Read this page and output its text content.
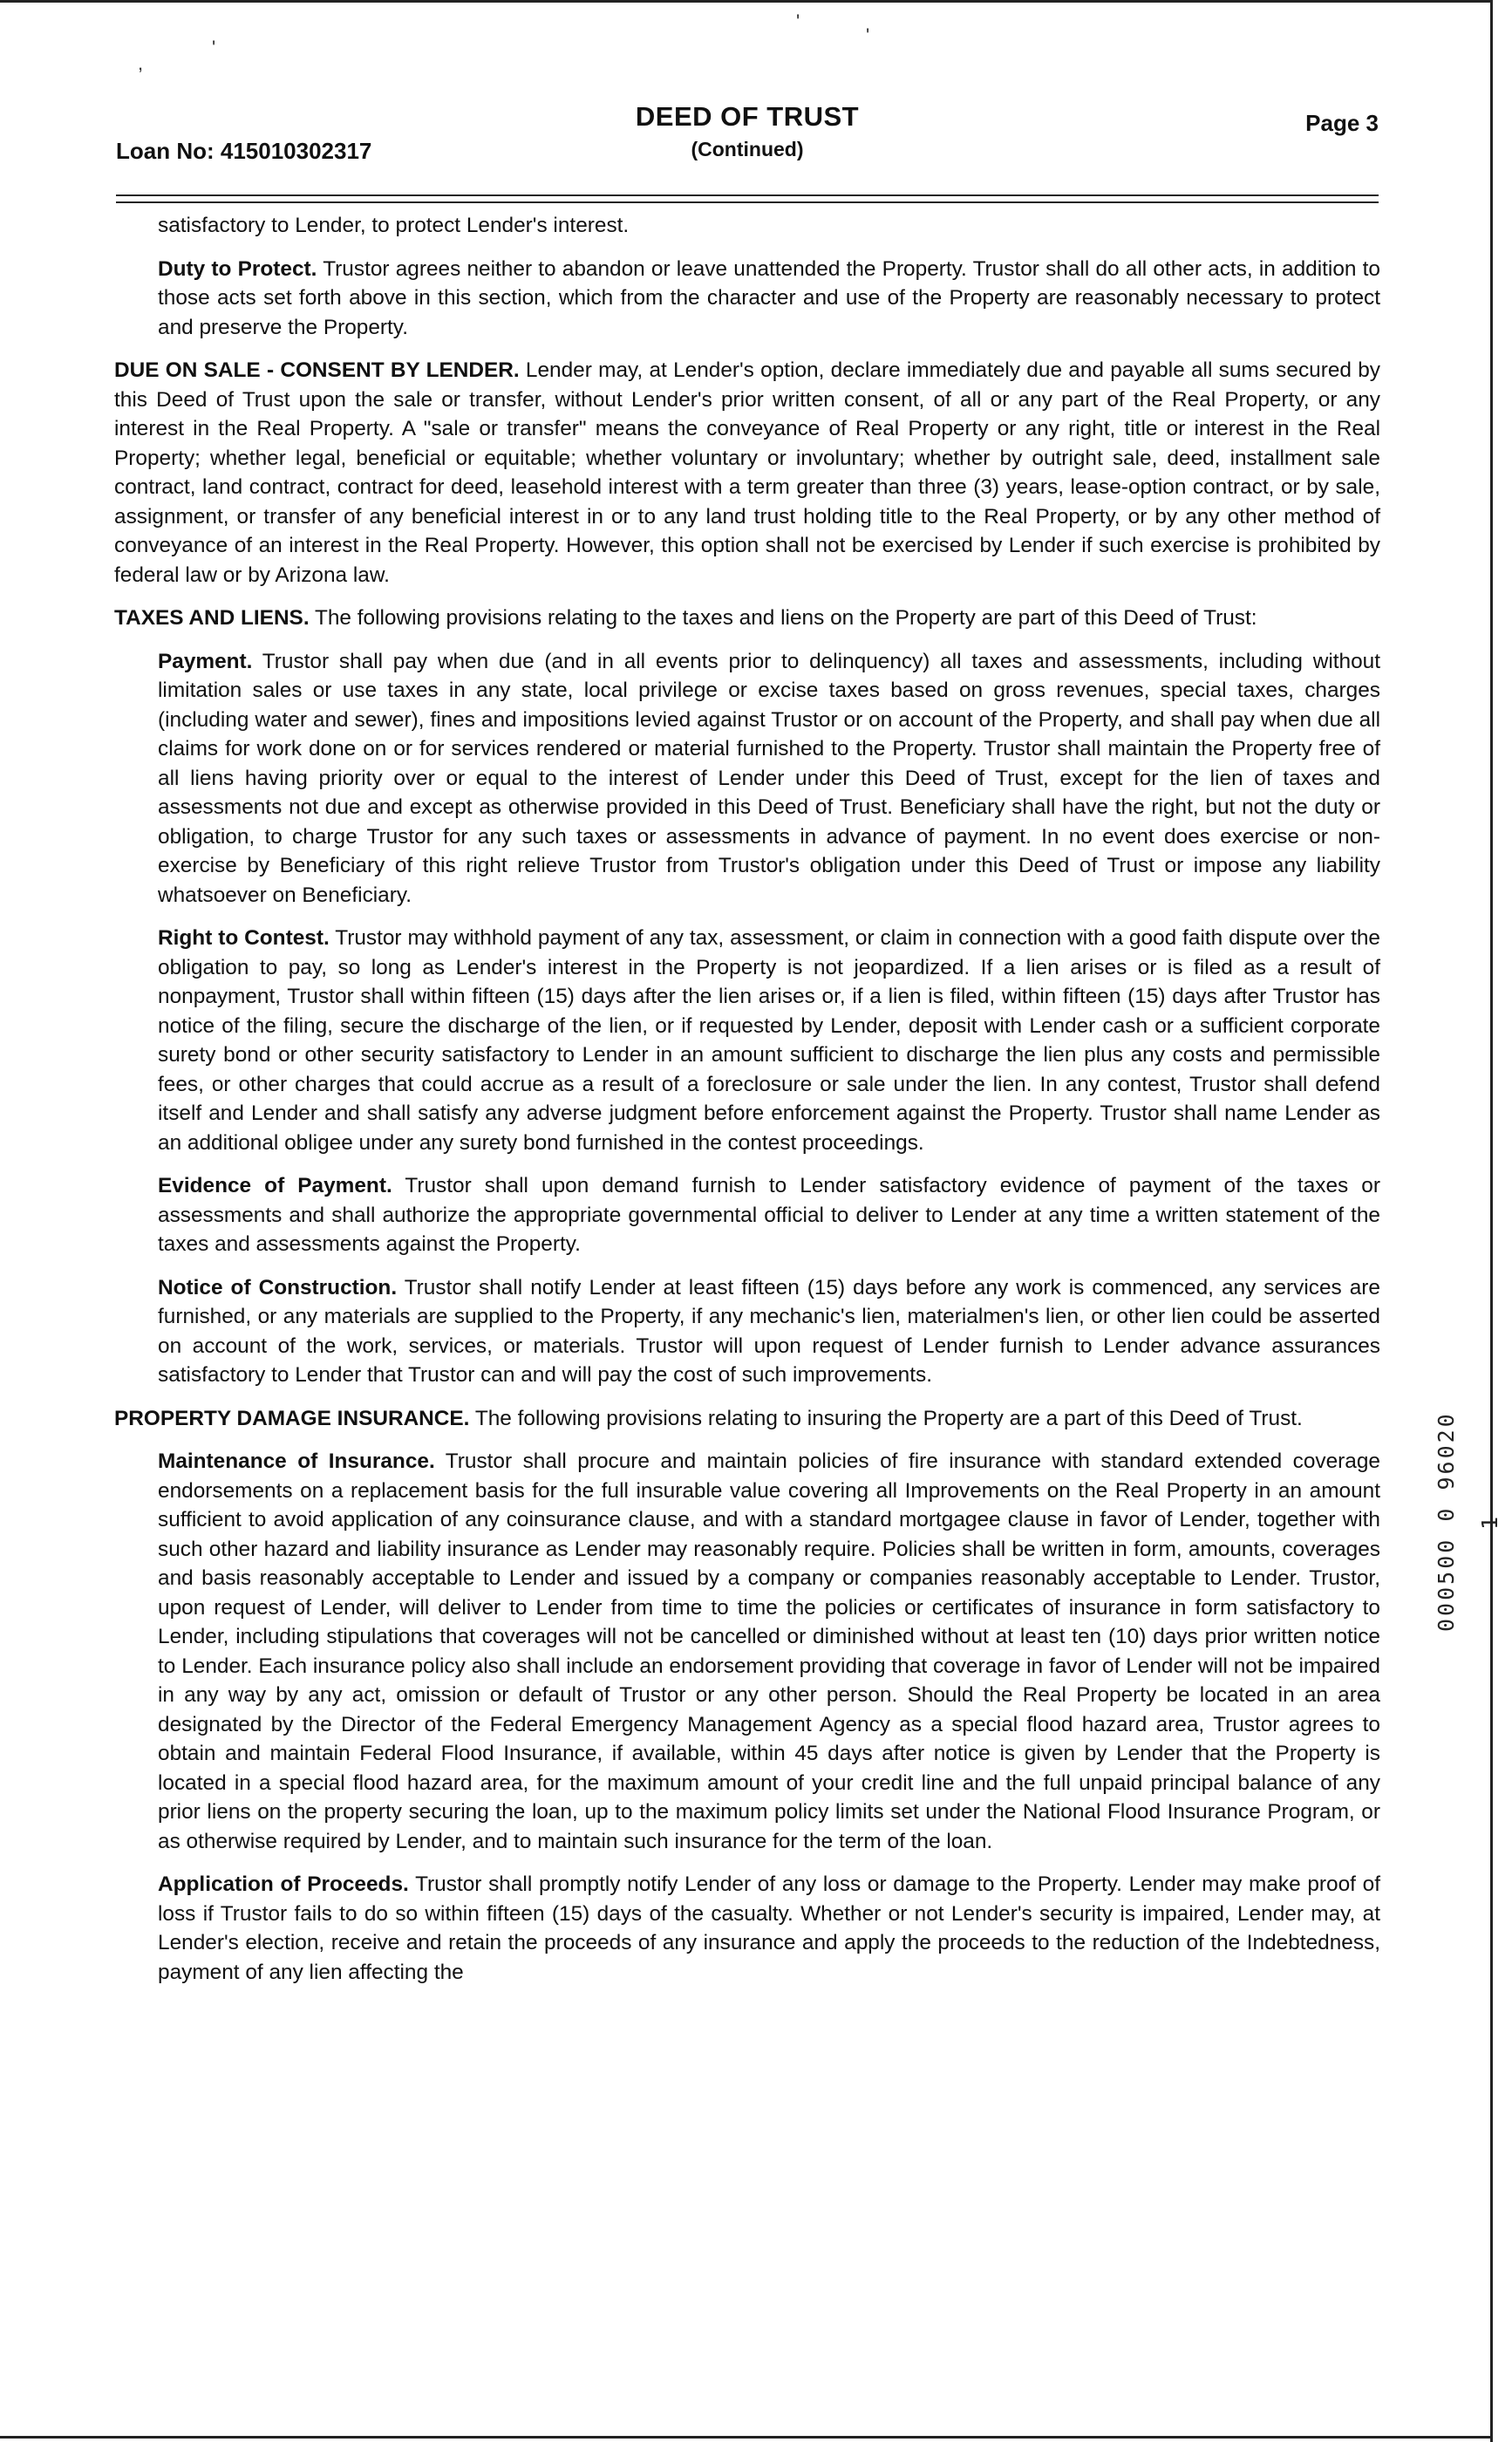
'
'
,
'
Loan No: 415010302317
DEED OF TRUST
(Continued)
Page 3

satisfactory to Lender, to protect Lender's interest.

Duty to Protect. Trustor agrees neither to abandon or leave unattended the Property. Trustor shall do all other acts, in addition to those acts set forth above in this section, which from the character and use of the Property are reasonably necessary to protect and preserve the Property.

DUE ON SALE - CONSENT BY LENDER. Lender may, at Lender's option, declare immediately due and payable all sums secured by this Deed of Trust upon the sale or transfer, without Lender's prior written consent, of all or any part of the Real Property, or any interest in the Real Property. A "sale or transfer" means the conveyance of Real Property or any right, title or interest in the Real Property; whether legal, beneficial or equitable; whether voluntary or involuntary; whether by outright sale, deed, installment sale contract, land contract, contract for deed, leasehold interest with a term greater than three (3) years, lease-option contract, or by sale, assignment, or transfer of any beneficial interest in or to any land trust holding title to the Real Property, or by any other method of conveyance of an interest in the Real Property. However, this option shall not be exercised by Lender if such exercise is prohibited by federal law or by Arizona law.

TAXES AND LIENS. The following provisions relating to the taxes and liens on the Property are part of this Deed of Trust:

Payment. Trustor shall pay when due (and in all events prior to delinquency) all taxes and assessments, including without limitation sales or use taxes in any state, local privilege or excise taxes based on gross revenues, special taxes, charges (including water and sewer), fines and impositions levied against Trustor or on account of the Property, and shall pay when due all claims for work done on or for services rendered or material furnished to the Property. Trustor shall maintain the Property free of all liens having priority over or equal to the interest of Lender under this Deed of Trust, except for the lien of taxes and assessments not due and except as otherwise provided in this Deed of Trust. Beneficiary shall have the right, but not the duty or obligation, to charge Trustor for any such taxes or assessments in advance of payment. In no event does exercise or non-exercise by Beneficiary of this right relieve Trustor from Trustor's obligation under this Deed of Trust or impose any liability whatsoever on Beneficiary.

Right to Contest. Trustor may withhold payment of any tax, assessment, or claim in connection with a good faith dispute over the obligation to pay, so long as Lender's interest in the Property is not jeopardized. If a lien arises or is filed as a result of nonpayment, Trustor shall within fifteen (15) days after the lien arises or, if a lien is filed, within fifteen (15) days after Trustor has notice of the filing, secure the discharge of the lien, or if requested by Lender, deposit with Lender cash or a sufficient corporate surety bond or other security satisfactory to Lender in an amount sufficient to discharge the lien plus any costs and permissible fees, or other charges that could accrue as a result of a foreclosure or sale under the lien. In any contest, Trustor shall defend itself and Lender and shall satisfy any adverse judgment before enforcement against the Property. Trustor shall name Lender as an additional obligee under any surety bond furnished in the contest proceedings.

Evidence of Payment. Trustor shall upon demand furnish to Lender satisfactory evidence of payment of the taxes or assessments and shall authorize the appropriate governmental official to deliver to Lender at any time a written statement of the taxes and assessments against the Property.

Notice of Construction. Trustor shall notify Lender at least fifteen (15) days before any work is commenced, any services are furnished, or any materials are supplied to the Property, if any mechanic's lien, materialmen's lien, or other lien could be asserted on account of the work, services, or materials. Trustor will upon request of Lender furnish to Lender advance assurances satisfactory to Lender that Trustor can and will pay the cost of such improvements.

PROPERTY DAMAGE INSURANCE. The following provisions relating to insuring the Property are a part of this Deed of Trust.

Maintenance of Insurance. Trustor shall procure and maintain policies of fire insurance with standard extended coverage endorsements on a replacement basis for the full insurable value covering all Improvements on the Real Property in an amount sufficient to avoid application of any coinsurance clause, and with a standard mortgagee clause in favor of Lender, together with such other hazard and liability insurance as Lender may reasonably require. Policies shall be written in form, amounts, coverages and basis reasonably acceptable to Lender and issued by a company or companies reasonably acceptable to Lender. Trustor, upon request of Lender, will deliver to Lender from time to time the policies or certificates of insurance in form satisfactory to Lender, including stipulations that coverages will not be cancelled or diminished without at least ten (10) days prior written notice to Lender. Each insurance policy also shall include an endorsement providing that coverage in favor of Lender will not be impaired in any way by any act, omission or default of Trustor or any other person. Should the Real Property be located in an area designated by the Director of the Federal Emergency Management Agency as a special flood hazard area, Trustor agrees to obtain and maintain Federal Flood Insurance, if available, within 45 days after notice is given by Lender that the Property is located in a special flood hazard area, for the maximum amount of your credit line and the full unpaid principal balance of any prior liens on the property securing the loan, up to the maximum policy limits set under the National Flood Insurance Program, or as otherwise required by Lender, and to maintain such insurance for the term of the loan.

Application of Proceeds. Trustor shall promptly notify Lender of any loss or damage to the Property. Lender may make proof of loss if Trustor fails to do so within fifteen (15) days of the casualty. Whether or not Lender's security is impaired, Lender may, at Lender's election, receive and retain the proceeds of any insurance and apply the proceeds to the reduction of the Indebtedness, payment of any lien affecting the

000500 0 96020 1
